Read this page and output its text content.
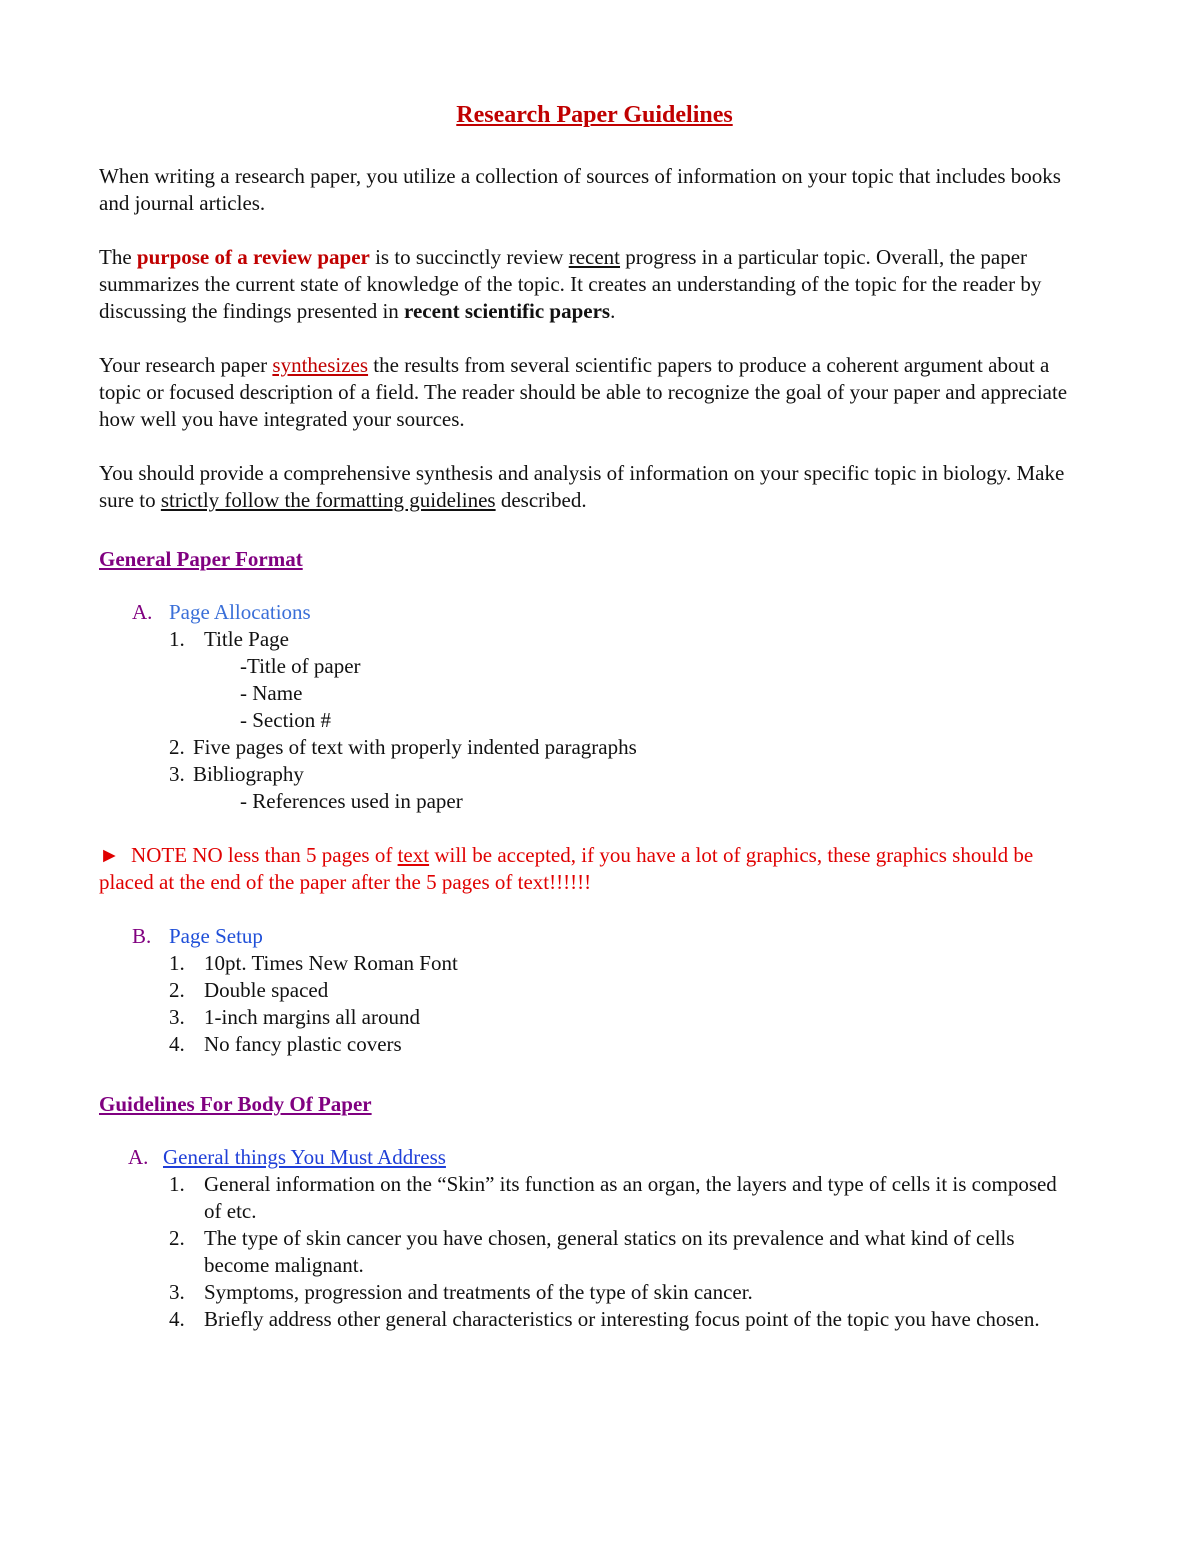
Research Paper Guidelines

When writing a research paper, you utilize a collection of sources of information on your topic that includes books and journal articles.

The purpose of a review paper is to succinctly review recent progress in a particular topic. Overall, the paper summarizes the current state of knowledge of the topic. It creates an understanding of the topic for the reader by discussing the findings presented in recent scientific papers.

Your research paper synthesizes the results from several scientific papers to produce a coherent argument about a topic or focused description of a field. The reader should be able to recognize the goal of your paper and appreciate how well you have integrated your sources.

You should provide a comprehensive synthesis and analysis of information on your specific topic in biology. Make sure to strictly follow the formatting guidelines described.

General Paper Format
A. Page Allocations
1. Title Page
-Title of paper
- Name
- Section #
2. Five pages of text with properly indented paragraphs
3. Bibliography
- References used in paper

► NOTE NO less than 5 pages of text will be accepted, if you have a lot of graphics, these graphics should be placed at the end of the paper after the 5 pages of text!!!!!!

B. Page Setup
1. 10pt. Times New Roman Font
2. Double spaced
3. 1-inch margins all around
4. No fancy plastic covers
Guidelines For Body Of Paper
A. General things You Must Address
1. General information on the “Skin” its function as an organ, the layers and type of cells it is composed of etc.
2. The type of skin cancer you have chosen, general statics on its prevalence and what kind of cells become malignant.
3. Symptoms, progression and treatments of the type of skin cancer.
4. Briefly address other general characteristics or interesting focus point of the topic you have chosen.
